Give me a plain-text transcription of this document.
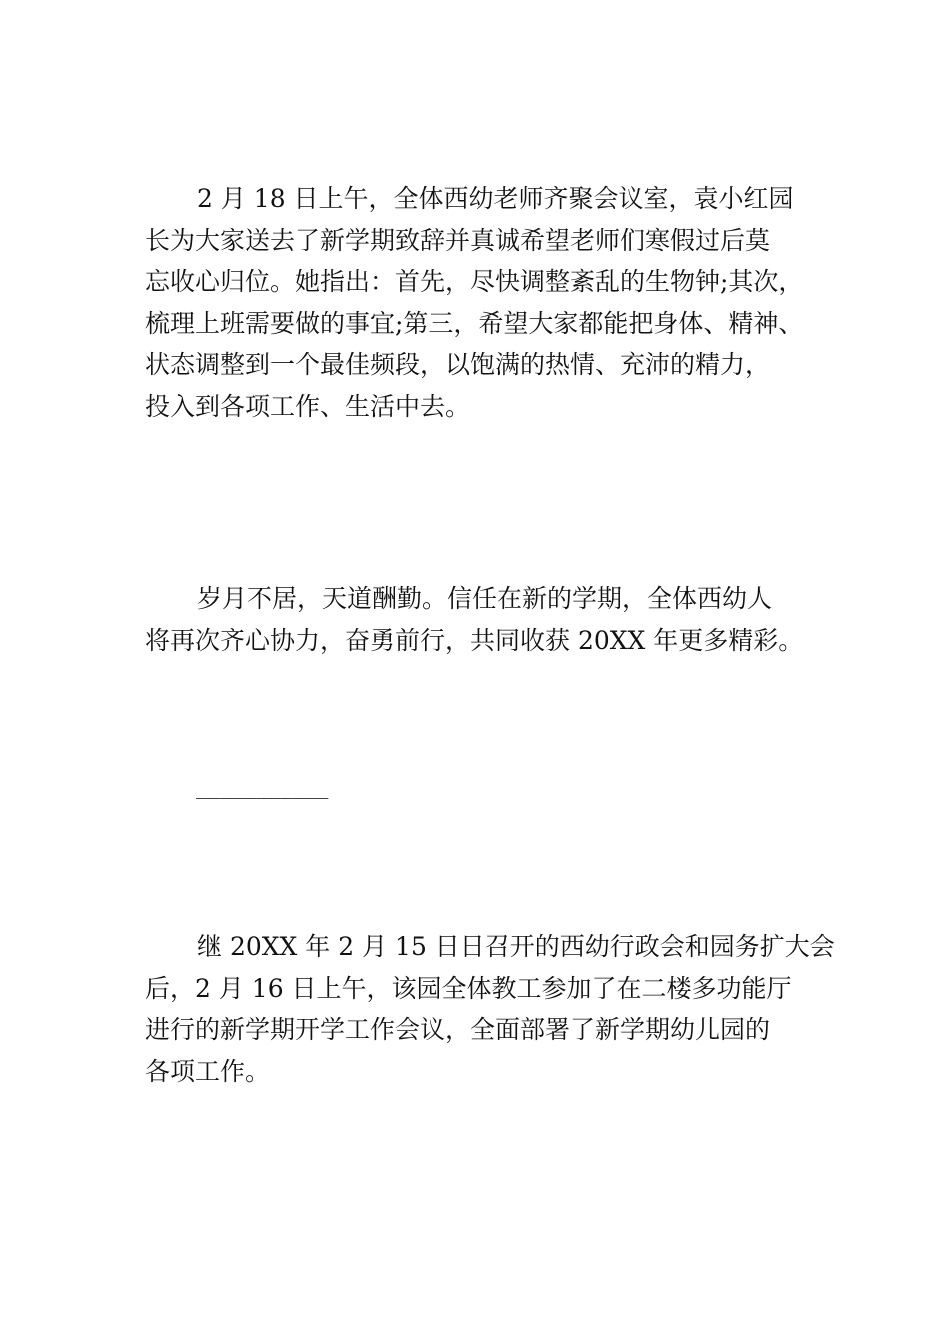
2 月 18 日上午，全体西幼老师齐聚会议室，袁小红园
长为大家送去了新学期致辞并真诚希望老师们寒假过后莫
忘收心归位。她指出：首先，尽快调整紊乱的生物钟;其次，
梳理上班需要做的事宜;第三，希望大家都能把身体、精神、
状态调整到一个最佳频段，以饱满的热情、充沛的精力，
投入到各项工作、生活中去。
岁月不居，天道酬勤。信任在新的学期，全体西幼人
将再次齐心协力，奋勇前行，共同收获 20XX 年更多精彩。
___________
继 20XX 年 2 月 15 日日召开的西幼行政会和园务扩大会
后，2 月 16 日上午，该园全体教工参加了在二楼多功能厅
进行的新学期开学工作会议，全面部署了新学期幼儿园的
各项工作。
